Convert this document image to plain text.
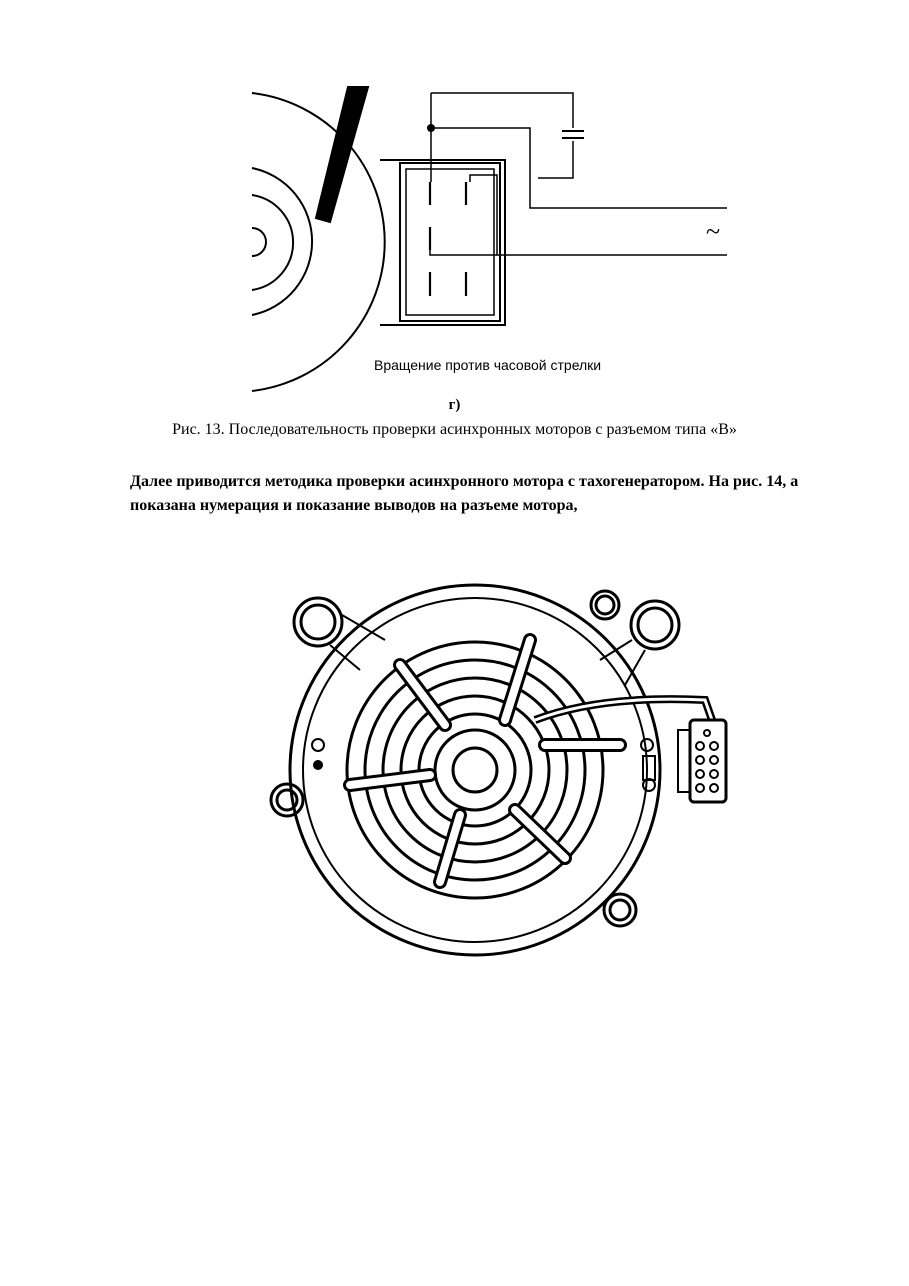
~
Вращение против часовой стрелки
г)
Рис. 13. Последовательность проверки асинхронных моторов с разъемом типа «В»
Далее приводится методика проверки асинхронного мотора с тахогенератором. На рис. 14, а показана нумерация и показание выводов на разъеме мотора,
